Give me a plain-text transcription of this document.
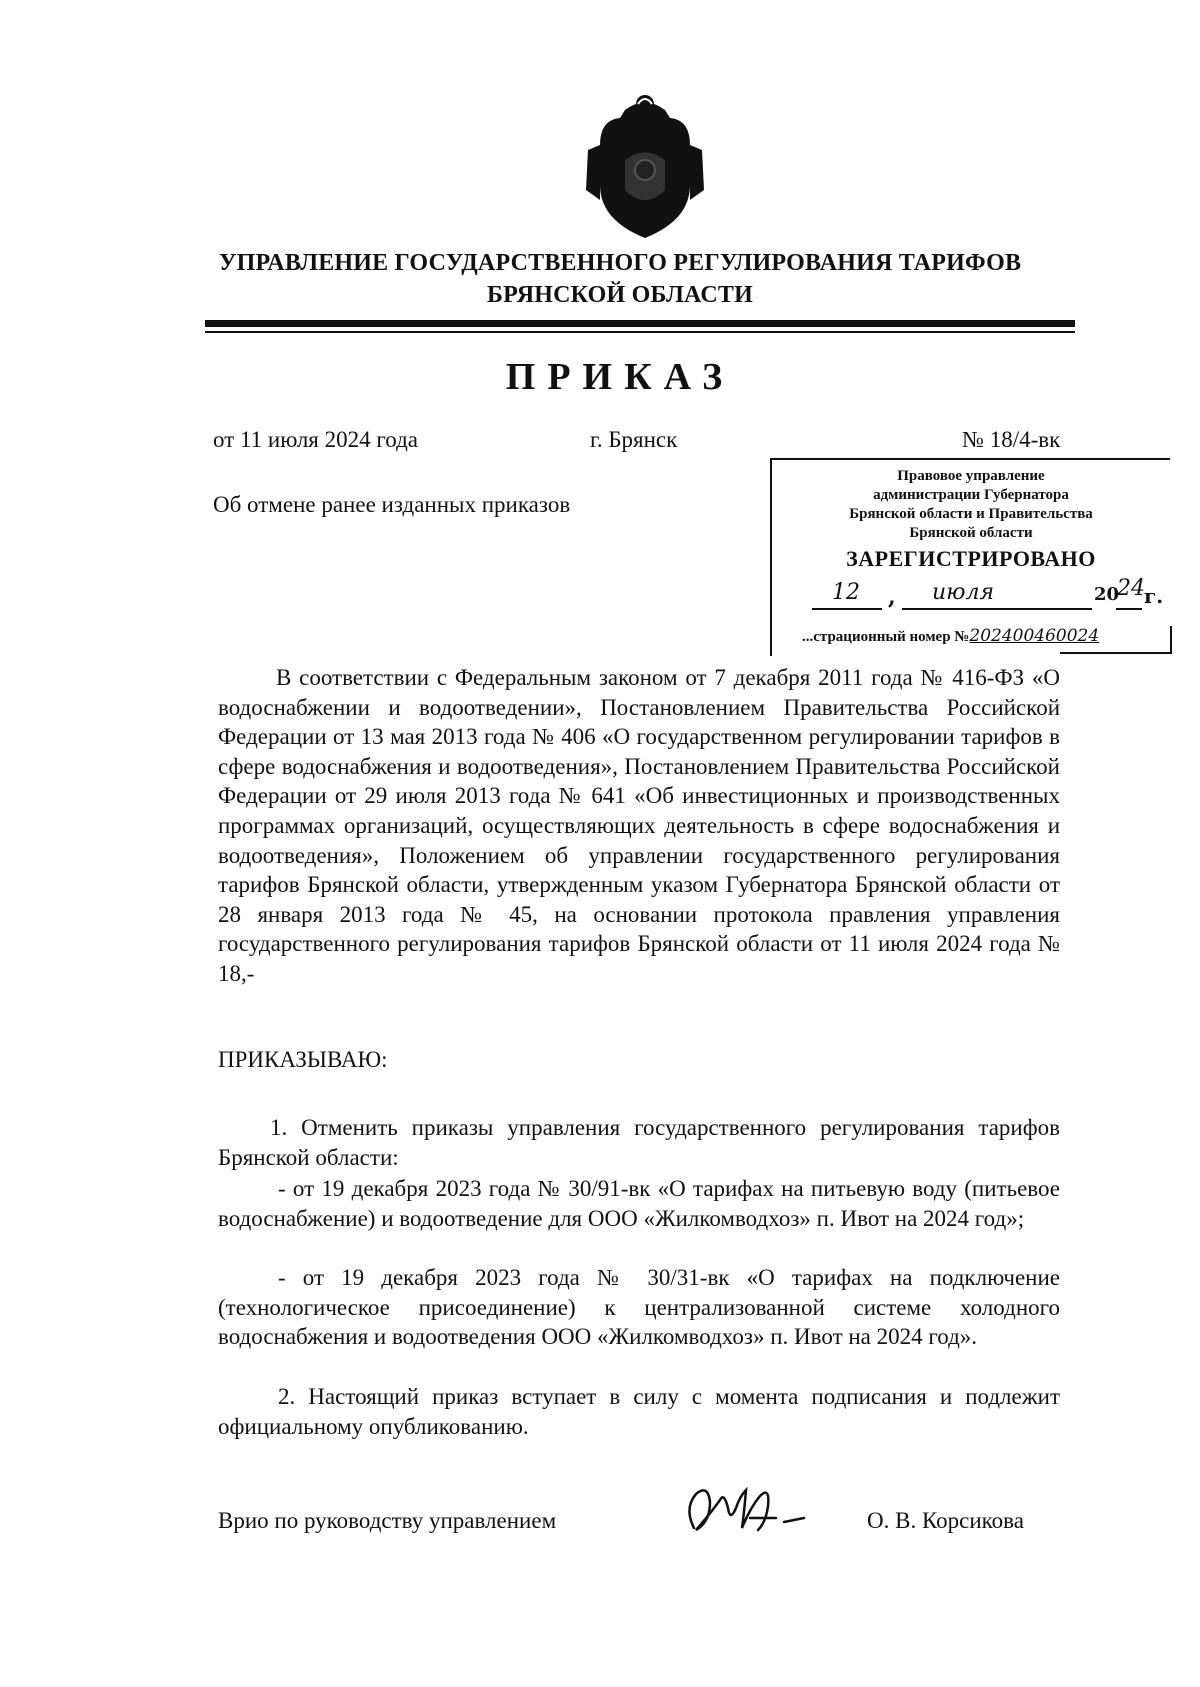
УПРАВЛЕНИЕ ГОСУДАРСТВЕННОГО РЕГУЛИРОВАНИЯ ТАРИФОВ
БРЯНСКОЙ ОБЛАСТИ
ПРИКАЗ
от 11 июля 2024 года	г. Брянск	№ 18/4-вк
Об отмене ранее изданных приказов
Правовое управление
администрации Губернатора
Брянской области и Правительства
Брянской области
ЗАРЕГИСТРИРОВАНО
12 , июля	20
24 г.
...страционный номер №202400460024
В соответствии с Федеральным законом от 7 декабря 2011 года № 416-ФЗ «О водоснабжении и водоотведении», Постановлением Правительства Российской Федерации от 13 мая 2013 года № 406 «О государственном регулировании тарифов в сфере водоснабжения и водоотведения», Постановлением Правительства Российской Федерации от 29 июля 2013 года № 641 «Об инвестиционных и производственных программах организаций, осуществляющих деятельность в сфере водоснабжения и водоотведения», Положением об управлении государственного регулирования тарифов Брянской области, утвержденным указом Губернатора Брянской области от 28 января 2013 года № 45, на основании протокола правления управления государственного регулирования тарифов Брянской области от 11 июля 2024 года № 18,-
ПРИКАЗЫВАЮ:
1. Отменить приказы управления государственного регулирования тарифов Брянской области:
- от 19 декабря 2023 года № 30/91-вк «О тарифах на питьевую воду (питьевое водоснабжение) и водоотведение для ООО «Жилкомводхоз» п. Ивот на 2024 год»;
- от 19 декабря 2023 года № 30/31-вк «О тарифах на подключение (технологическое присоединение) к централизованной системе холодного водоснабжения и водоотведения ООО «Жилкомводхоз» п. Ивот на 2024 год».
2. Настоящий приказ вступает в силу с момента подписания и подлежит официальному опубликованию.
Врио по руководству управлением	О. В. Корсикова
